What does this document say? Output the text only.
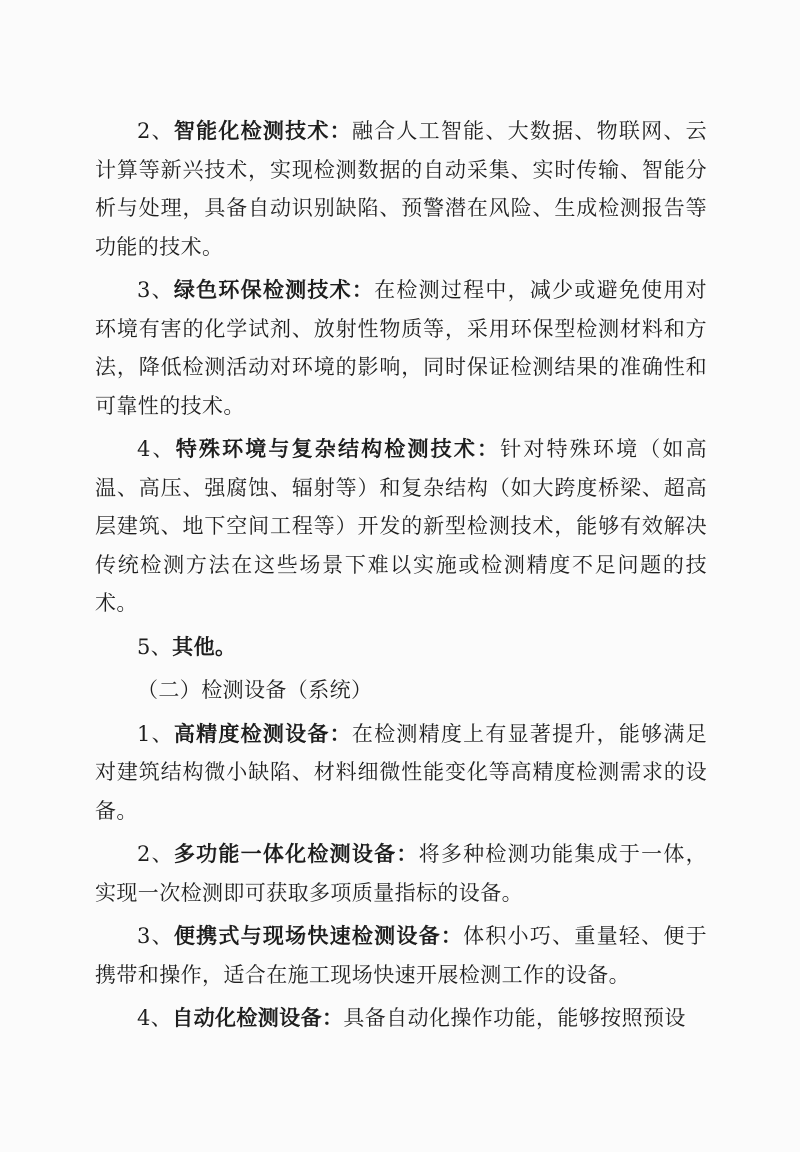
2、智能化检测技术：融合人工智能、大数据、物联网、云计算等新兴技术，实现检测数据的自动采集、实时传输、智能分析与处理，具备自动识别缺陷、预警潜在风险、生成检测报告等功能的技术。

3、绿色环保检测技术：在检测过程中，减少或避免使用对环境有害的化学试剂、放射性物质等，采用环保型检测材料和方法，降低检测活动对环境的影响，同时保证检测结果的准确性和可靠性的技术。

4、特殊环境与复杂结构检测技术：针对特殊环境（如高温、高压、强腐蚀、辐射等）和复杂结构（如大跨度桥梁、超高层建筑、地下空间工程等）开发的新型检测技术，能够有效解决传统检测方法在这些场景下难以实施或检测精度不足问题的技术。

5、其他。

（二）检测设备（系统）

1、高精度检测设备：在检测精度上有显著提升，能够满足对建筑结构微小缺陷、材料细微性能变化等高精度检测需求的设备。

2、多功能一体化检测设备：将多种检测功能集成于一体，实现一次检测即可获取多项质量指标的设备。

3、便携式与现场快速检测设备：体积小巧、重量轻、便于携带和操作，适合在施工现场快速开展检测工作的设备。

4、自动化检测设备：具备自动化操作功能，能够按照预设
